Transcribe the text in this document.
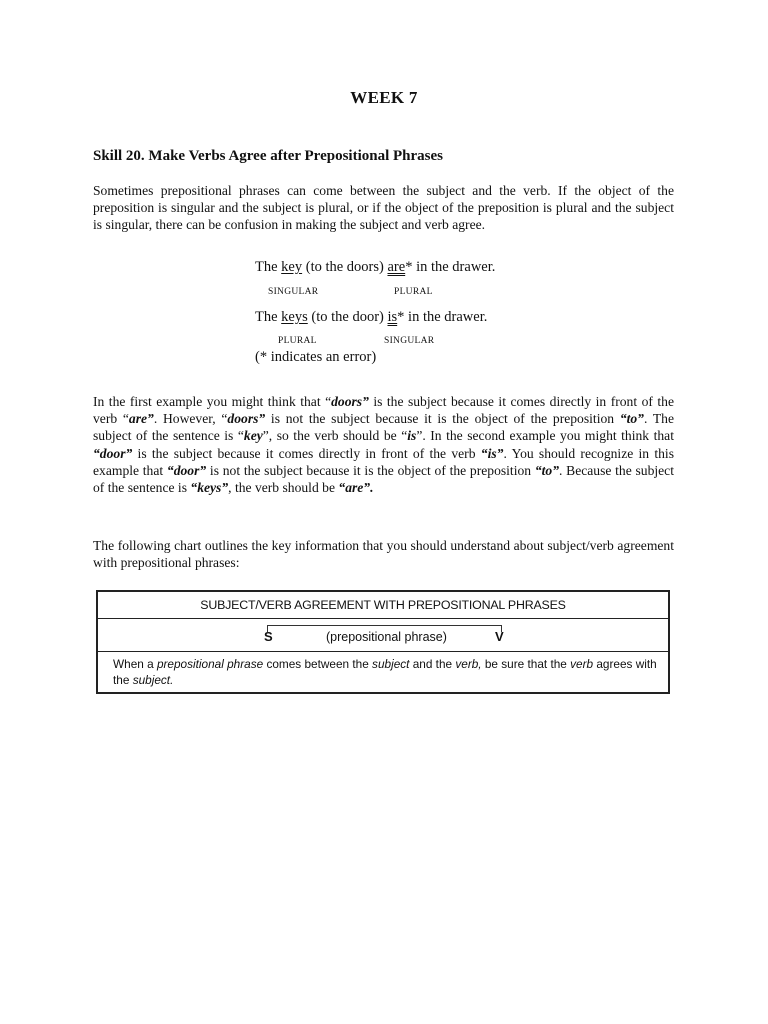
WEEK 7
Skill 20. Make Verbs Agree after Prepositional Phrases
Sometimes prepositional phrases can come between the subject and the verb. If the object of the preposition is singular and the subject is plural, or if the object of the preposition is plural and the subject is singular, there can be confusion in making the subject and verb agree.
The key (to the doors) are* in the drawer.
SINGULAR	PLURAL
The keys (to the door) is* in the drawer.
PLURAL	SINGULAR
(* indicates an error)
In the first example you might think that “doors” is the subject because it comes directly in front of the verb “are”. However, “doors” is not the subject because it is the object of the preposition “to”. The subject of the sentence is “key”, so the verb should be “is”. In the second example you might think that “door” is the subject because it comes directly in front of the verb “is”. You should recognize in this example that “door” is not the subject because it is the object of the preposition “to”. Because the subject of the sentence is “keys”, the verb should be “are”.
The following chart outlines the key information that you should understand about subject/verb agreement with prepositional phrases:
SUBJECT/VERB AGREEMENT WITH PREPOSITIONAL PHRASES
S	(prepositional phrase)	V
When a prepositional phrase comes between the subject and the verb, be sure that the verb agrees with the subject.
